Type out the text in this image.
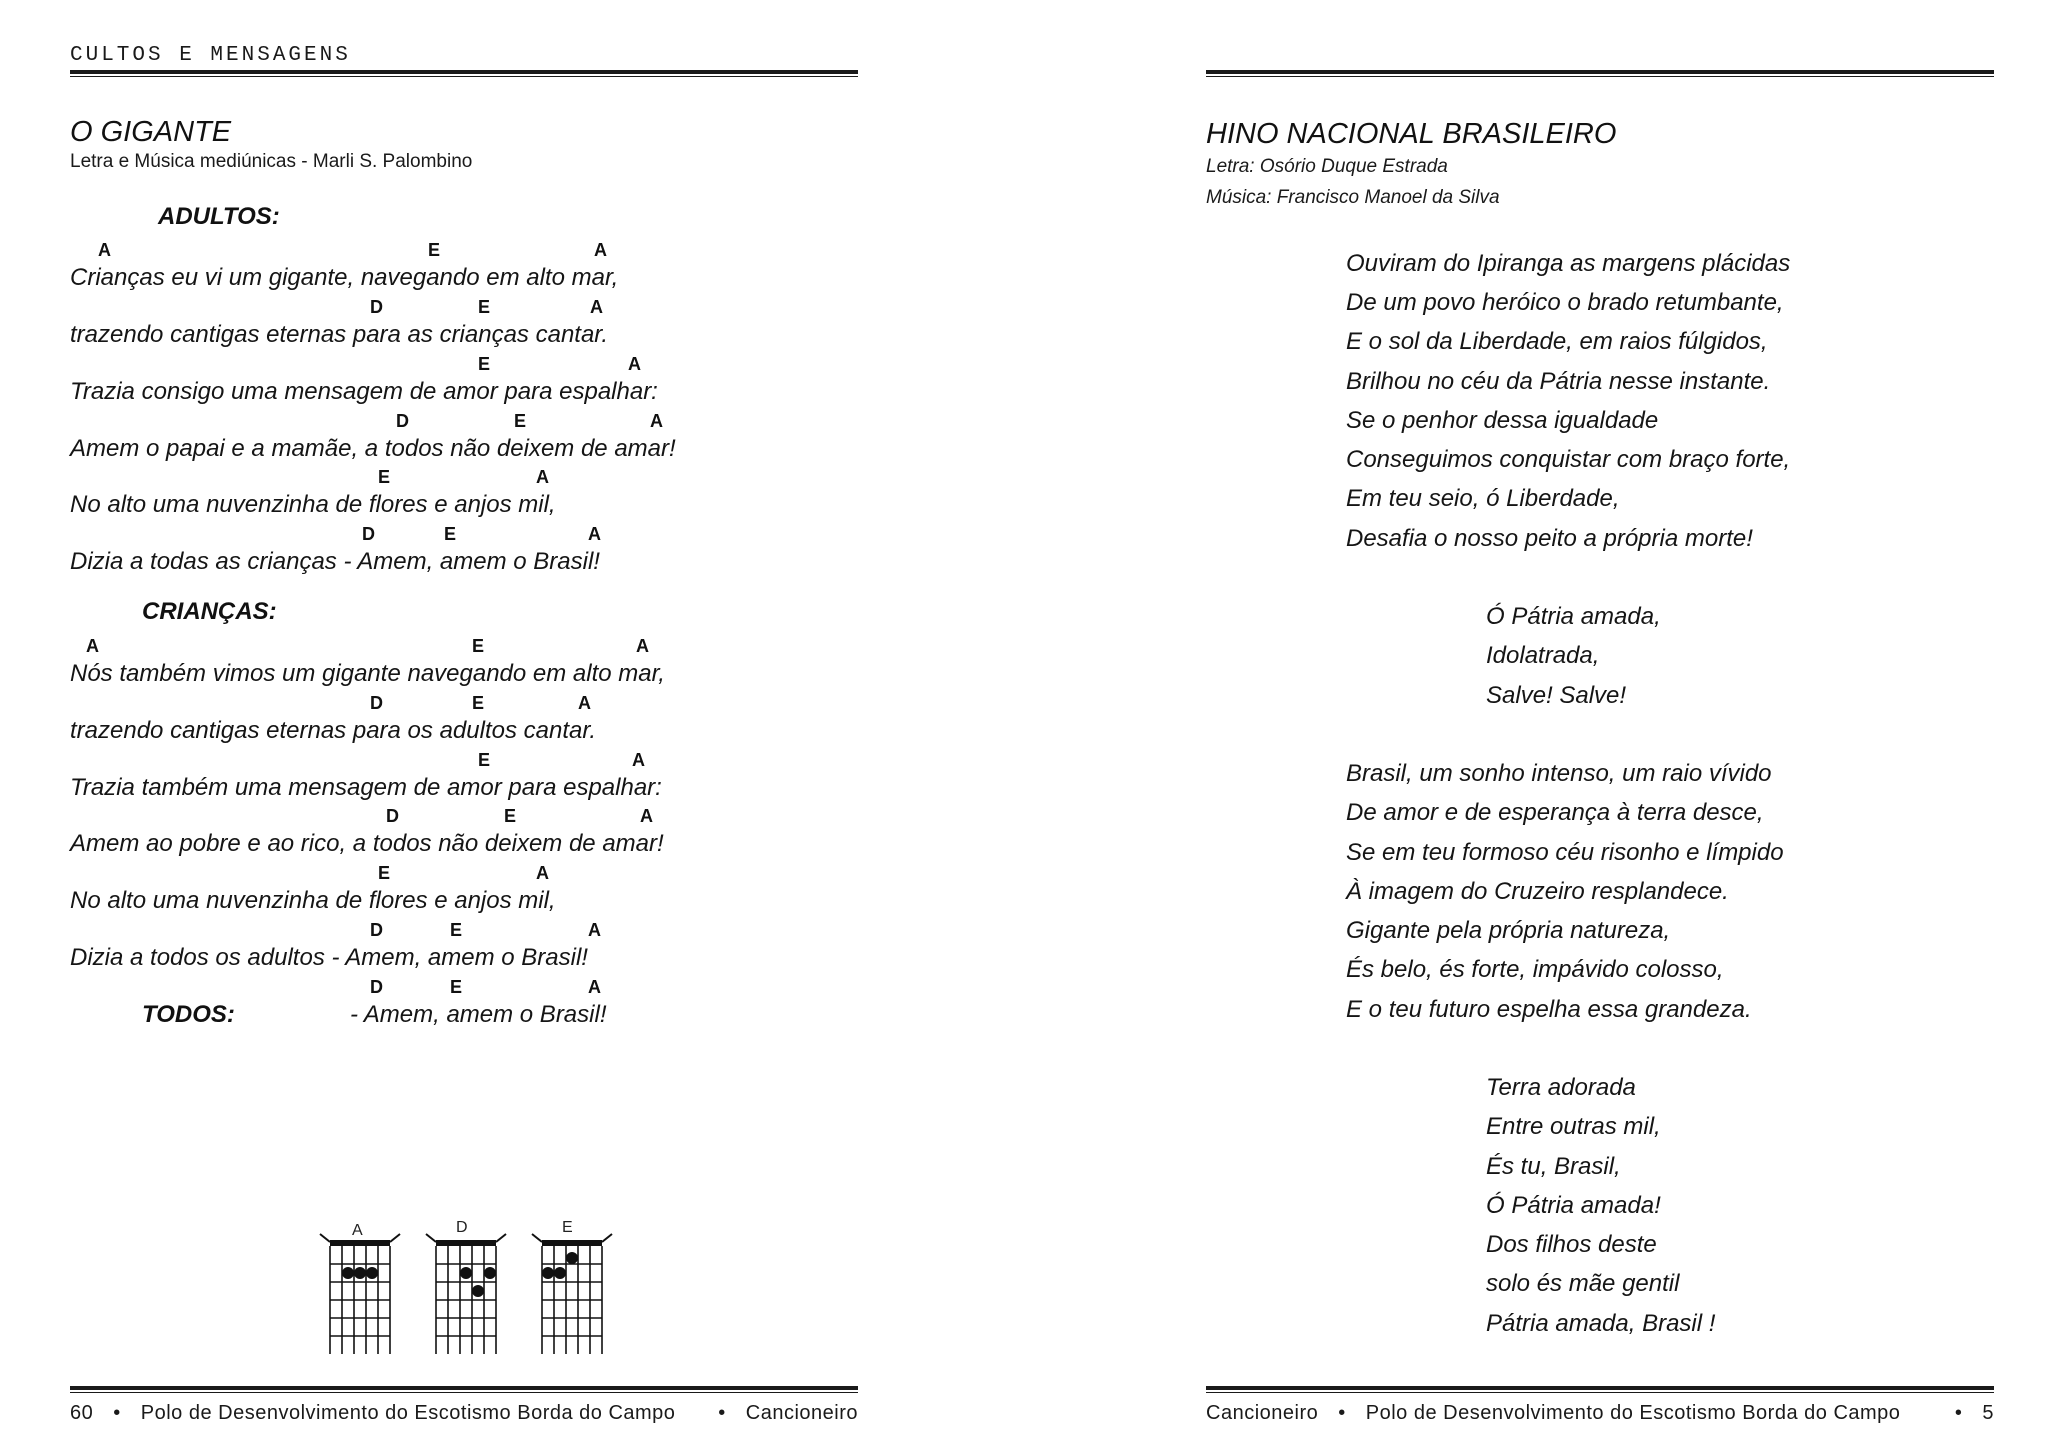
CULTOS E MENSAGENS
O GIGANTE
Letra e Música mediúnicas - Marli S. Palombino
ADULTOS:
A	E	A
Crianças eu vi um gigante, navegando em alto mar,
D	E	A
trazendo cantigas eternas para as crianças cantar.
E	A
Trazia consigo uma mensagem de amor para espalhar:
D	E	A
Amem o papai e a mamãe, a todos não deixem de amar!
E	A
No alto uma nuvenzinha de flores e anjos mil,
D	E	A
Dizia a todas as crianças - Amem, amem o Brasil!
CRIANÇAS:
A	E	A
Nós também vimos um gigante navegando em alto mar,
D	E	A
trazendo cantigas eternas para os adultos cantar.
E	A
Trazia também uma mensagem de amor para espalhar:
D	E	A
Amem ao pobre e ao rico, a todos não deixem de amar!
E	A
No alto uma nuvenzinha de flores e anjos mil,
D	E	A
Dizia a todos os adultos - Amem, amem o Brasil!
D	E	A
TODOS:	- Amem, amem o Brasil!
A	D	E
60 • Polo de Desenvolvimento do Escotismo Borda do Campo	• Cancioneiro
HINO NACIONAL BRASILEIRO
Letra: Osório Duque Estrada
Música: Francisco Manoel da Silva
Ouviram do Ipiranga as margens plácidas
De um povo heróico o brado retumbante,
E o sol da Liberdade, em raios fúlgidos,
Brilhou no céu da Pátria nesse instante.
Se o penhor dessa igualdade
Conseguimos conquistar com braço forte,
Em teu seio, ó Liberdade,
Desafia o nosso peito a própria morte!
Ó Pátria amada,
Idolatrada,
Salve! Salve!
Brasil, um sonho intenso, um raio vívido
De amor e de esperança à terra desce,
Se em teu formoso céu risonho e límpido
À imagem do Cruzeiro resplandece.
Gigante pela própria natureza,
És belo, és forte, impávido colosso,
E o teu futuro espelha essa grandeza.
Terra adorada
Entre outras mil,
És tu, Brasil,
Ó Pátria amada!
Dos filhos deste
solo és mãe gentil
Pátria amada, Brasil !
Cancioneiro • Polo de Desenvolvimento do Escotismo Borda do Campo	• 5
